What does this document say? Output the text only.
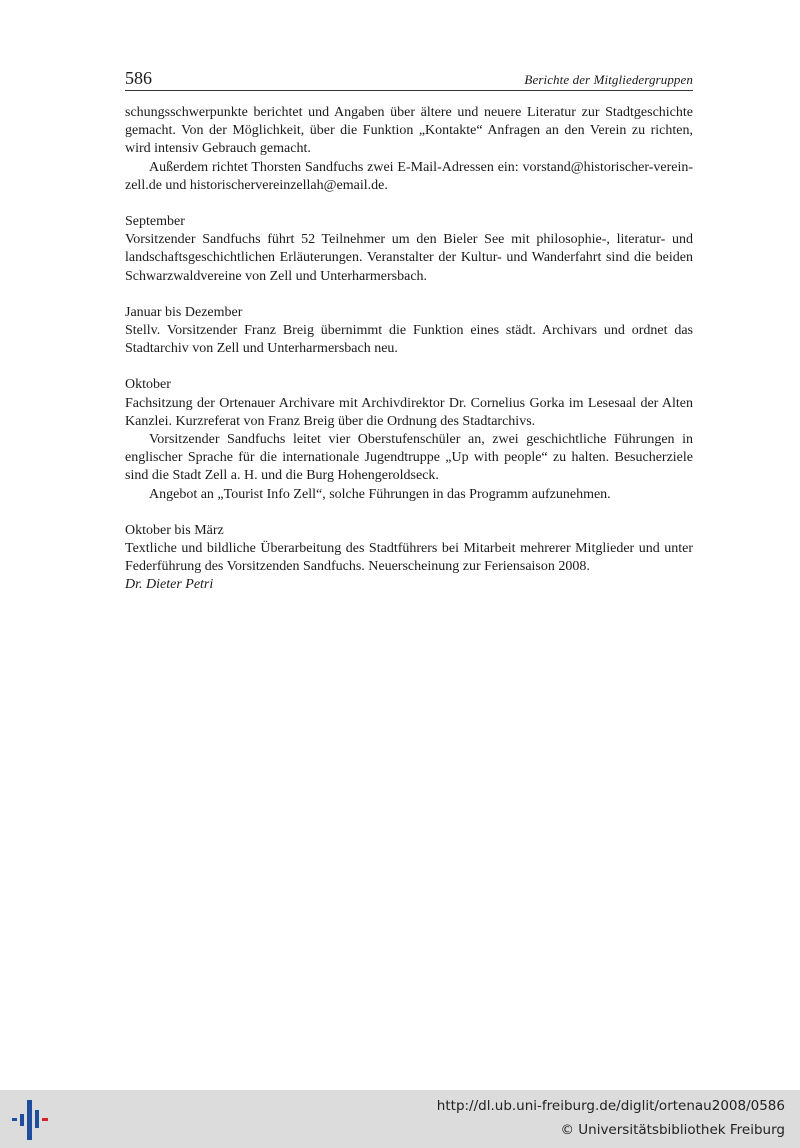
586	Berichte der Mitgliedergruppen

schungsschwerpunkte berichtet und Angaben über ältere und neuere Literatur zur Stadtgeschichte gemacht. Von der Möglichkeit, über die Funktion „Kontakte“ Anfragen an den Verein zu richten, wird intensiv Gebrauch gemacht.

Außerdem richtet Thorsten Sandfuchs zwei E-Mail-Adressen ein: vorstand@historischer-verein-zell.de und historischervereinzellah@email.de.

September

Vorsitzender Sandfuchs führt 52 Teilnehmer um den Bieler See mit philosophie-, literatur- und landschaftsgeschichtlichen Erläuterungen. Veranstalter der Kultur- und Wanderfahrt sind die beiden Schwarzwaldvereine von Zell und Unterharmersbach.

Januar bis Dezember

Stellv. Vorsitzender Franz Breig übernimmt die Funktion eines städt. Archivars und ordnet das Stadtarchiv von Zell und Unterharmersbach neu.

Oktober

Fachsitzung der Ortenauer Archivare mit Archivdirektor Dr. Cornelius Gorka im Lesesaal der Alten Kanzlei. Kurzreferat von Franz Breig über die Ordnung des Stadtarchivs.

Vorsitzender Sandfuchs leitet vier Oberstufenschüler an, zwei geschichtliche Führungen in englischer Sprache für die internationale Jugendtruppe „Up with people“ zu halten. Besucherziele sind die Stadt Zell a. H. und die Burg Hohengeroldseck.

Angebot an „Tourist Info Zell“, solche Führungen in das Programm aufzunehmen.

Oktober bis März

Textliche und bildliche Überarbeitung des Stadtführers bei Mitarbeit mehrerer Mitglieder und unter Federführung des Vorsitzenden Sandfuchs. Neuerscheinung zur Feriensaison 2008.

Dr. Dieter Petri

http://dl.ub.uni-freiburg.de/diglit/ortenau2008/0586
© Universitätsbibliothek Freiburg
